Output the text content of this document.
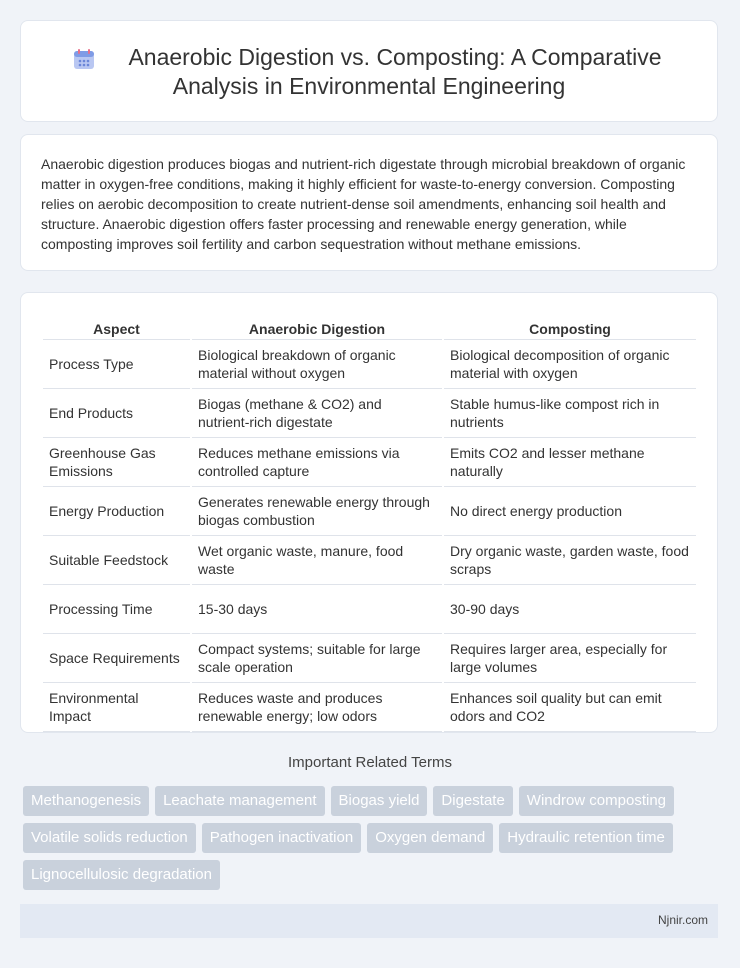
Anaerobic Digestion vs. Composting: A Comparative
Analysis in Environmental Engineering
Anaerobic digestion produces biogas and nutrient-rich digestate through microbial breakdown of organic matter in oxygen-free conditions, making it highly efficient for waste-to-energy conversion. Composting relies on aerobic decomposition to create nutrient-dense soil amendments, enhancing soil health and structure. Anaerobic digestion offers faster processing and renewable energy generation, while composting improves soil fertility and carbon sequestration without methane emissions.
Aspect	Anaerobic Digestion	Composting
Process Type	Biological breakdown of organic material without oxygen	Biological decomposition of organic material with oxygen
End Products	Biogas (methane & CO2) and nutrient-rich digestate	Stable humus-like compost rich in nutrients
Greenhouse Gas Emissions	Reduces methane emissions via controlled capture	Emits CO2 and lesser methane naturally
Energy Production	Generates renewable energy through biogas combustion	No direct energy production
Suitable Feedstock	Wet organic waste, manure, food waste	Dry organic waste, garden waste, food scraps
Processing Time	15-30 days	30-90 days
Space Requirements	Compact systems; suitable for large scale operation	Requires larger area, especially for large volumes
Environmental Impact	Reduces waste and produces renewable energy; low odors	Enhances soil quality but can emit odors and CO2
Important Related Terms
Methanogenesis	Leachate management	Biogas yield	Digestate	Windrow composting
Volatile solids reduction	Pathogen inactivation	Oxygen demand	Hydraulic retention time
Lignocellulosic degradation
Njnir.com
